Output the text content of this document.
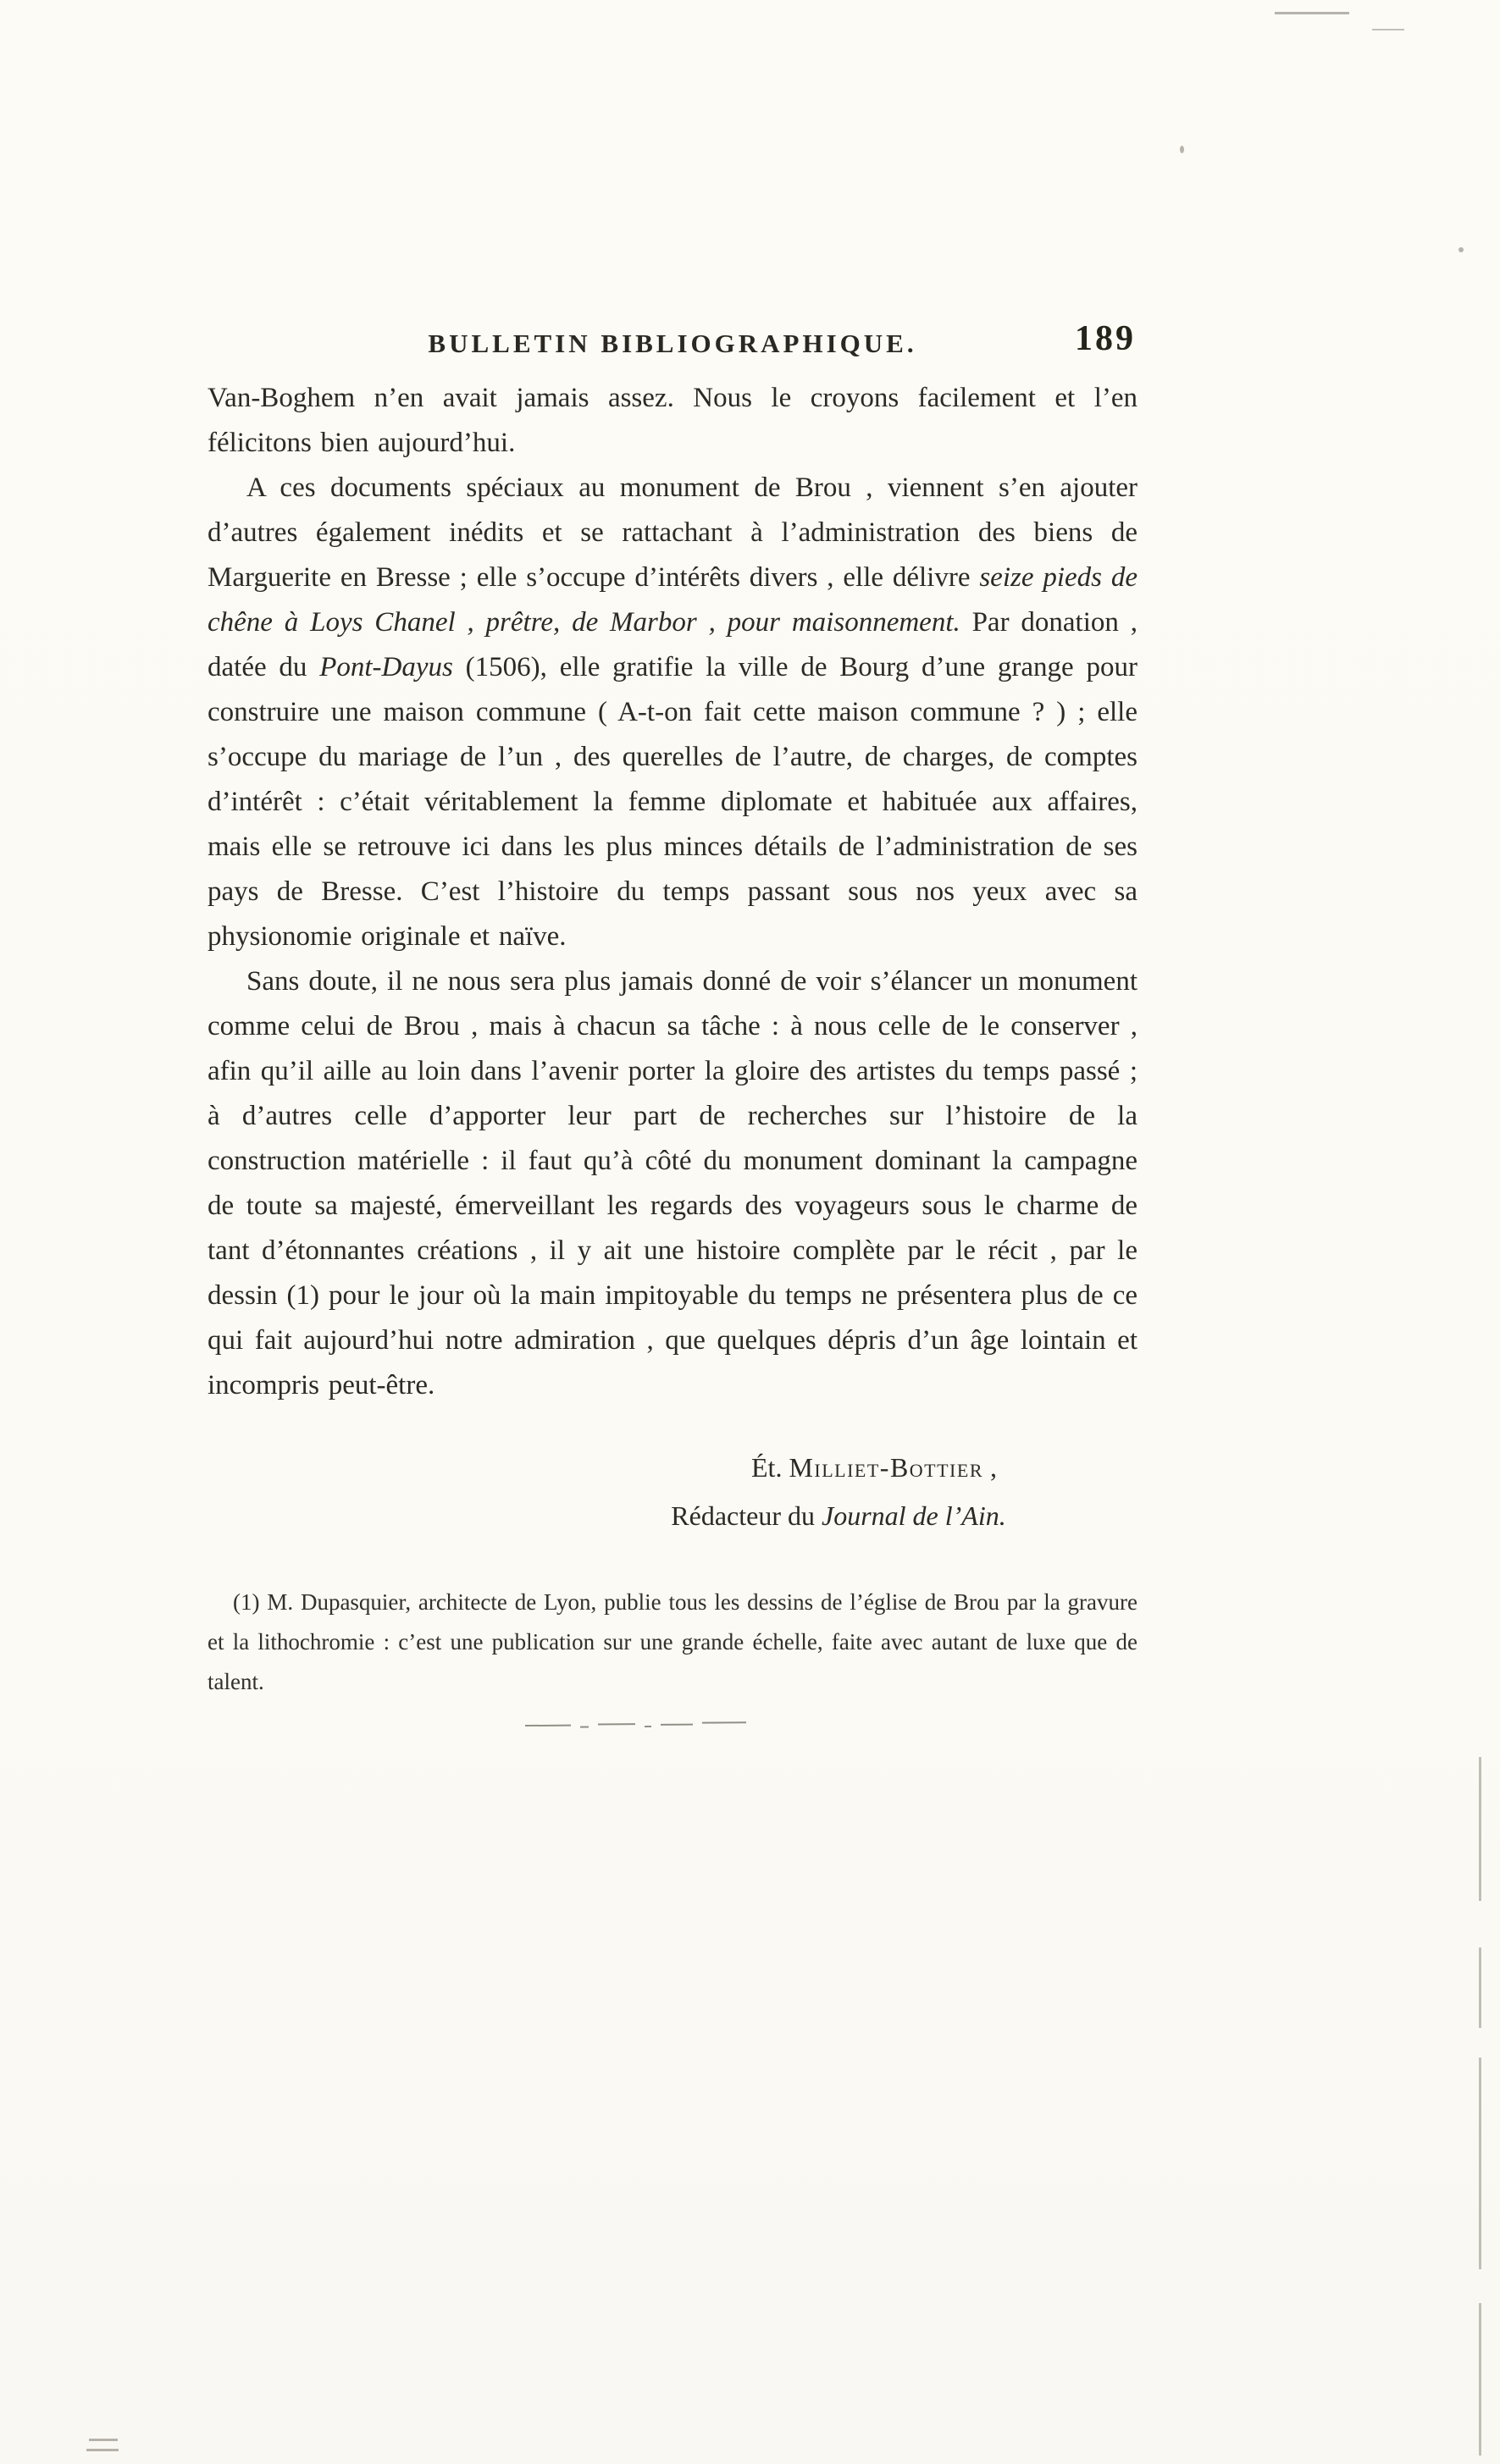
BULLETIN BIBLIOGRAPHIQUE.	189

Van-Boghem n’en avait jamais assez. Nous le croyons facilement et l’en félicitons bien aujourd’hui.

A ces documents spéciaux au monument de Brou , viennent s’en ajouter d’autres également inédits et se rattachant à l’administration des biens de Marguerite en Bresse ; elle s’occupe d’intérêts divers , elle délivre seize pieds de chêne à Loys Chanel , prêtre, de Marbor , pour maisonnement. Par donation , datée du Pont-Dayus (1506), elle gratifie la ville de Bourg d’une grange pour construire une maison commune ( A-t-on fait cette maison commune ? ) ; elle s’occupe du mariage de l’un , des querelles de l’autre, de charges, de comptes d’intérêt : c’était véritablement la femme diplomate et habituée aux affaires, mais elle se retrouve ici dans les plus minces détails de l’administration de ses pays de Bresse. C’est l’histoire du temps passant sous nos yeux avec sa physionomie originale et naïve.

Sans doute, il ne nous sera plus jamais donné de voir s’élancer un monument comme celui de Brou , mais à chacun sa tâche : à nous celle de le conserver , afin qu’il aille au loin dans l’avenir porter la gloire des artistes du temps passé ; à d’autres celle d’apporter leur part de recherches sur l’histoire de la construction matérielle : il faut qu’à côté du monument dominant la campagne de toute sa majesté, émerveillant les regards des voyageurs sous le charme de tant d’étonnantes créations , il y ait une histoire complète par le récit , par le dessin (1) pour le jour où la main impitoyable du temps ne présentera plus de ce qui fait aujourd’hui notre admiration , que quelques dépris d’un âge lointain et incompris peut-être.

Ét. Milliet-Bottier ,
Rédacteur du Journal de l’Ain.
(1) M. Dupasquier, architecte de Lyon, publie tous les dessins de l’église de Brou par la gravure et la lithochromie : c’est une publication sur une grande échelle, faite avec autant de luxe que de talent.
